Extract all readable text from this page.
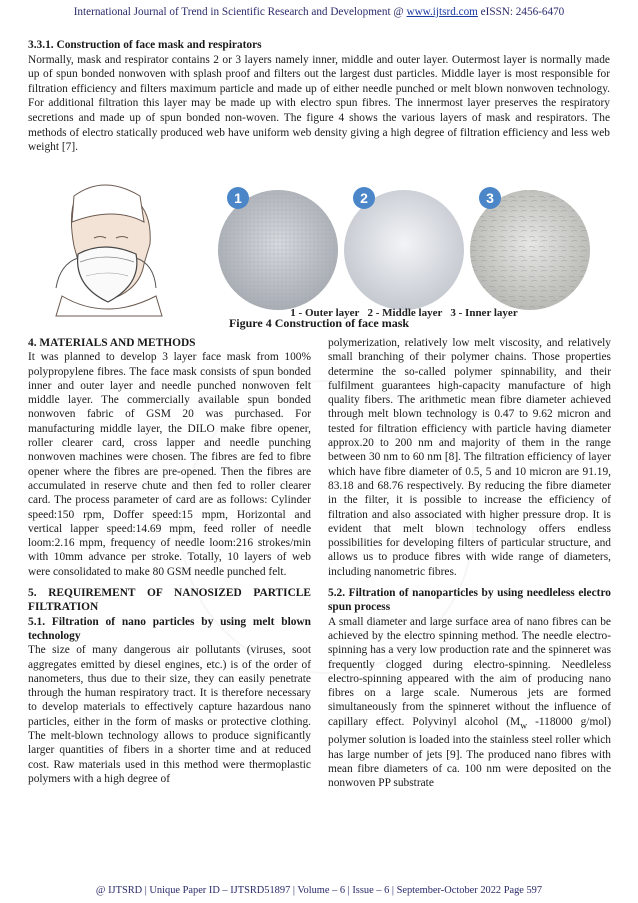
International Journal of Trend in Scientific Research and Development @ www.ijtsrd.com eISSN: 2456-6470
3.3.1. Construction of face mask and respirators
Normally, mask and respirator contains 2 or 3 layers namely inner, middle and outer layer. Outermost layer is normally made up of spun bonded nonwoven with splash proof and filters out the largest dust particles. Middle layer is most responsible for filtration efficiency and filters maximum particle and made up of either needle punched or melt blown nonwoven technology. For additional filtration this layer may be made up with electro spun fibres. The innermost layer preserves the respiratory secretions and made up of spun bonded non-woven. The figure 4 shows the various layers of mask and respirators. The methods of electro statically produced web have uniform web density giving a high degree of filtration efficiency and less web weight [7].
1	2	3
1 - Outer layer   2 - Middle layer   3 - Inner layer
Figure 4 Construction of face mask

4. MATERIALS AND METHODS

It was planned to develop 3 layer face mask from 100% polypropylene fibres. The face mask consists of spun bonded inner and outer layer and needle punched nonwoven felt middle layer. The commercially available spun bonded nonwoven fabric of GSM 20 was purchased. For manufacturing middle layer, the DILO make fibre opener, roller clearer card, cross lapper and needle punching nonwoven machines were chosen. The fibres are fed to fibre opener where the fibres are pre-opened. Then the fibres are accumulated in reserve chute and then fed to roller clearer card. The process parameter of card are as follows: Cylinder speed:150 rpm, Doffer speed:15 mpm, Horizontal and vertical lapper speed:14.69 mpm, feed roller of needle loom:2.16 mpm, frequency of needle loom:216 strokes/min with 10mm advance per stroke. Totally, 10 layers of web were consolidated to make 80 GSM needle punched felt.

5. REQUIREMENT OF NANOSIZED PARTICLE FILTRATION

5.1. Filtration of nano particles by using melt blown technology

The size of many dangerous air pollutants (viruses, soot aggregates emitted by diesel engines, etc.) is of the order of nanometers, thus due to their size, they can easily penetrate through the human respiratory tract. It is therefore necessary to develop materials to effectively capture hazardous nano particles, either in the form of masks or protective clothing. The melt-blown technology allows to produce significantly larger quantities of fibers in a shorter time and at reduced cost. Raw materials used in this method were thermoplastic polymers with a high degree of

polymerization, relatively low melt viscosity, and relatively small branching of their polymer chains. Those properties determine the so-called polymer spinnability, and their fulfilment guarantees high-capacity manufacture of high quality fibers. The arithmetic mean fibre diameter achieved through melt blown technology is 0.47 to 9.62 micron and tested for filtration efficiency with particle having diameter approx.20 to 200 nm and majority of them in the range between 30 nm to 60 nm [8]. The filtration efficiency of layer which have fibre diameter of 0.5, 5 and 10 micron are 91.19, 83.18 and 68.76 respectively. By reducing the fibre diameter in the filter, it is possible to increase the efficiency of filtration and also associated with higher pressure drop. It is evident that melt blown technology offers endless possibilities for developing filters of particular structure, and allows us to produce fibres with wide range of diameters, including nanometric fibres.

5.2. Filtration of nanoparticles by using needleless electro spun process

A small diameter and large surface area of nano fibres can be achieved by the electro spinning method. The needle electro-spinning has a very low production rate and the spinneret was frequently clogged during electro-spinning. Needleless electro-spinning appeared with the aim of producing nano fibres on a large scale. Numerous jets are formed simultaneously from the spinneret without the influence of capillary effect. Polyvinyl alcohol ($M_w$ -118000 g/mol) polymer solution is loaded into the stainless steel roller which has large number of jets [9]. The produced nano fibres with mean fibre diameters of ca. 100 nm were deposited on the nonwoven PP substrate

@ IJTSRD | Unique Paper ID – IJTSRD51897 | Volume – 6 | Issue – 6 | September-October 2022 Page 597
